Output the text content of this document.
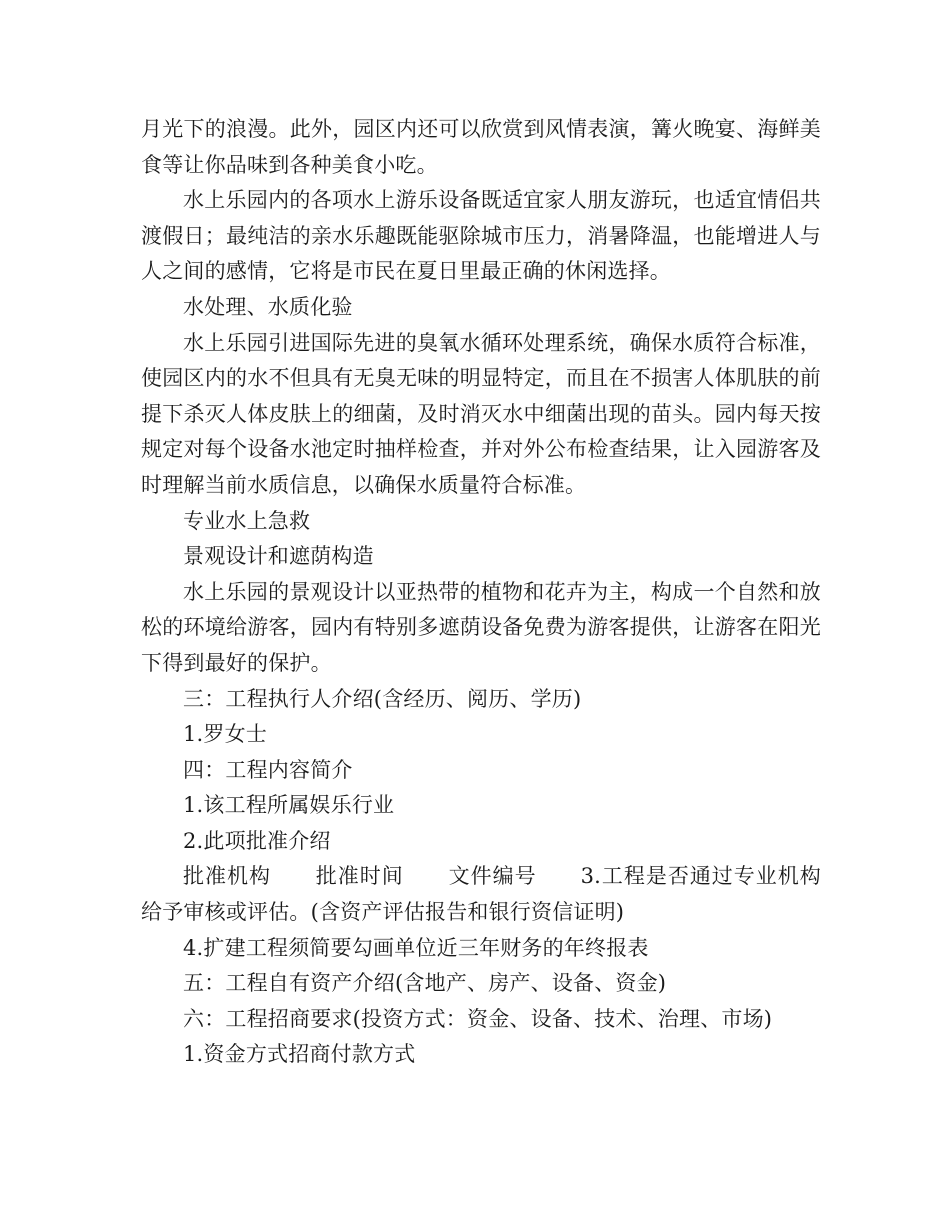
月光下的浪漫。此外，园区内还可以欣赏到风情表演，篝火晚宴、海鲜美食等让你品味到各种美食小吃。

水上乐园内的各项水上游乐设备既适宜家人朋友游玩，也适宜情侣共渡假日；最纯洁的亲水乐趣既能驱除城市压力，消暑降温，也能增进人与人之间的感情，它将是市民在夏日里最正确的休闲选择。

水处理、水质化验

水上乐园引进国际先进的臭氧水循环处理系统，确保水质符合标准，使园区内的水不但具有无臭无味的明显特定，而且在不损害人体肌肤的前提下杀灭人体皮肤上的细菌，及时消灭水中细菌出现的苗头。园内每天按规定对每个设备水池定时抽样检查，并对外公布检查结果，让入园游客及时理解当前水质信息，以确保水质量符合标准。

专业水上急救

景观设计和遮荫构造

水上乐园的景观设计以亚热带的植物和花卉为主，构成一个自然和放松的环境给游客，园内有特别多遮荫设备免费为游客提供，让游客在阳光下得到最好的保护。

三：工程执行人介绍(含经历、阅历、学历)

1.罗女士

四：工程内容简介

1.该工程所属娱乐行业

2.此项批准介绍

批准机构 批准时间 文件编号 3.工程是否通过专业机构给予审核或评估。(含资产评估报告和银行资信证明)

4.扩建工程须简要勾画单位近三年财务的年终报表

五：工程自有资产介绍(含地产、房产、设备、资金)

六：工程招商要求(投资方式：资金、设备、技术、治理、市场)

1.资金方式招商付款方式
